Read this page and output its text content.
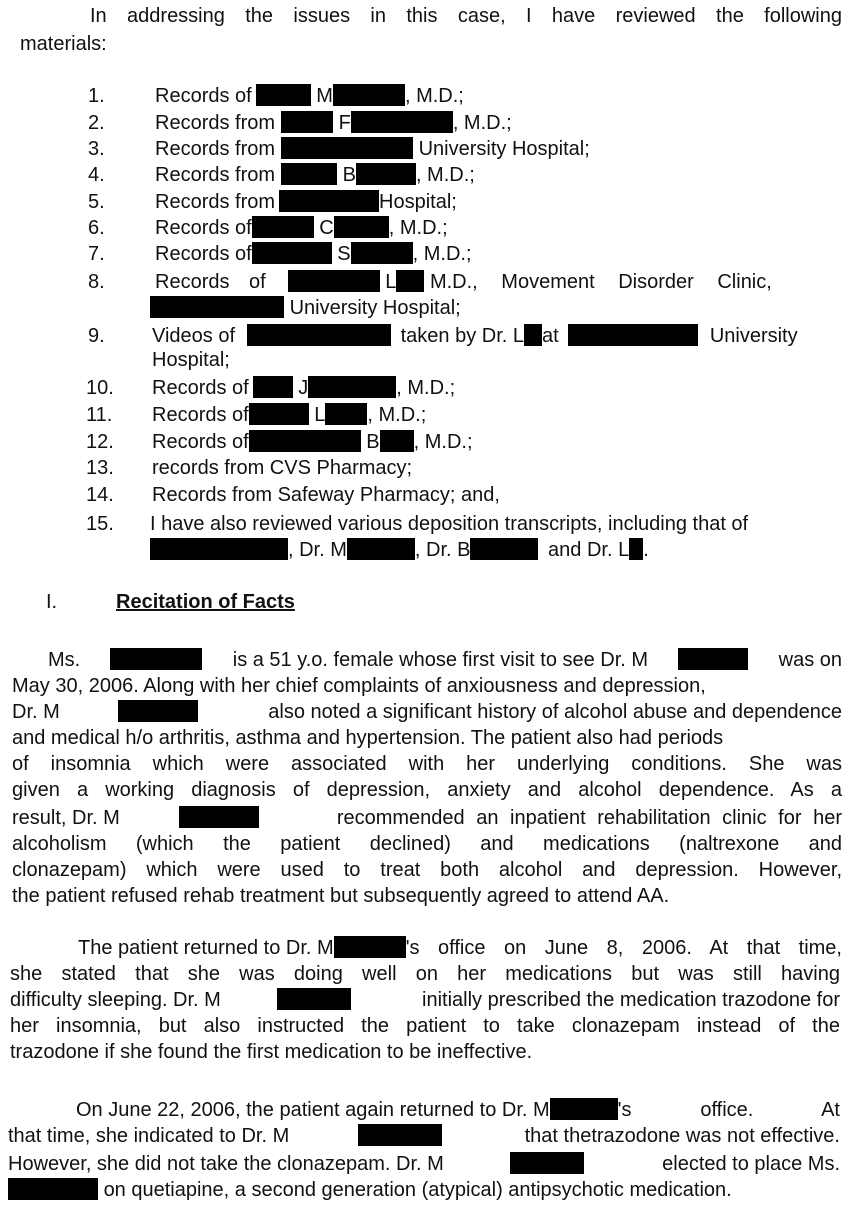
In addressing the issues in this case, I have reviewed the following
materials:
1.	Records of	M	, M.D.;
2.	Records from	F	, M.D.;
3.	Records from	University Hospital;
4.	Records from	B	, M.D.;
5.	Records from	Hospital;
6.	Records of	C	, M.D.;
7.	Records of	S	, M.D.;
8.	Records of	L M.D., Movement Disorder Clinic,
University Hospital;
9. Videos of	taken by Dr. L at	University
Hospital;
10. Records of J	, M.D.;
11. Records of	L , M.D.;
12. Records of	B , M.D.;
13. records from CVS Pharmacy;
14. Records from Safeway Pharmacy; and,
15. I have also reviewed various deposition transcripts, including that of
, Dr. M	, Dr. B	and Dr. L .
I.	Recitation of Facts
Ms.	is a 51 y.o. female whose first visit to see Dr. M	was on
May 30, 2006. Along with her chief complaints of anxiousness and depression,
Dr. M	also noted a significant history of alcohol abuse and dependence
and medical h/o arthritis, asthma and hypertension. The patient also had periods
of insomnia which were associated with her underlying conditions. She was
given a working diagnosis of depression, anxiety and alcohol dependence. As a
result, Dr. M	recommended an inpatient rehabilitation clinic for her
alcoholism (which the patient declined) and medications (naltrexone and
clonazepam) which were used to treat both alcohol and depression. However,
the patient refused rehab treatment but subsequently agreed to attend AA.
The patient returned to Dr. M	's office on June 8, 2006. At that time,
she stated that she was doing well on her medications but was still having
difficulty sleeping. Dr. M	initially prescribed the medication trazodone for
her insomnia, but also instructed the patient to take clonazepam instead of the
trazodone if she found the first medication to be ineffective.
On June 22, 2006, the patient again returned to Dr. M	's office. At
that time, she indicated to Dr. M	that thetrazodone was not effective.
However, she did not take the clonazepam. Dr. M	elected to place Ms.
on quetiapine, a second generation (atypical) antipsychotic medication.
